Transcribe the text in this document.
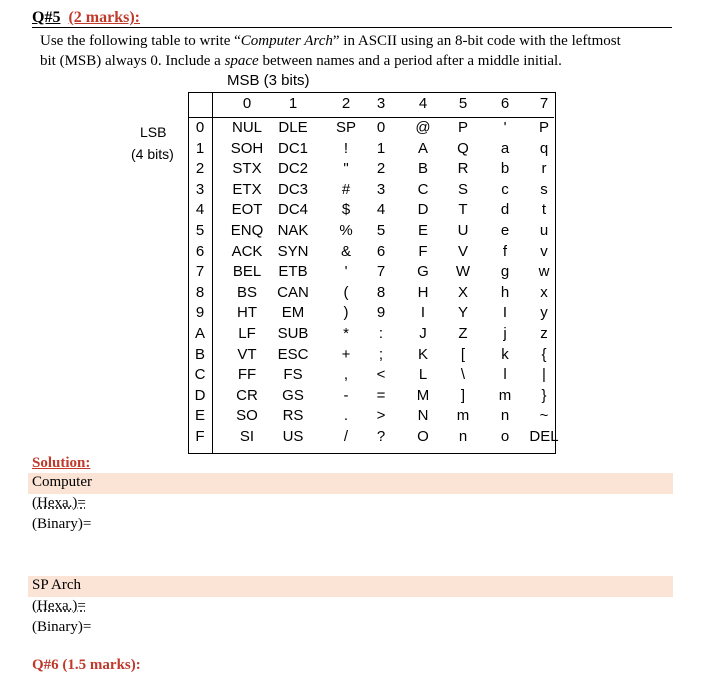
Q#5 (2 marks):
Use the following table to write “Computer Arch” in ASCII using an 8-bit code with the leftmost
bit (MSB) always 0. Include a space between names and a period after a middle initial.
MSB (3 bits)
LSB
(4 bits)
0	1	2 3 4 5 6 7
0
1
2
3
4
5
6
7
8
9
A
B
C
D
E
F
NUL
SOH
STX
ETX
EOT
ENQ
ACK
BEL
BS
HT
LF
VT
FF
CR
SO
SI
DLE
DC1
DC2
DC3
DC4
NAK
SYN
ETB
CAN
EM
SUB
ESC
FS
GS
RS
US
SP
!
"
#
$
%
&
'
(
)
*
+
,
-
.
/
0
1
2
3
4
5
6
7
8
9
:
;
<
=
>
?
@
A
B
C
D
E
F
G
H
I
J
K
L
M
N
O
P
Q
R
S
T
U
V
W
X
Y
Z
[
\
]
m
n
'
a
b
c
d
e
f
g
h
I
j
k
l
m
n
o
P
q
r
s
t
u
v
w
x
y
z
{
|
}
~
DEL
Solution:
Computer
(Hexa.)=
(Binary)=
SP Arch
(Hexa.)=
(Binary)=
Q#6 (1.5 marks):
